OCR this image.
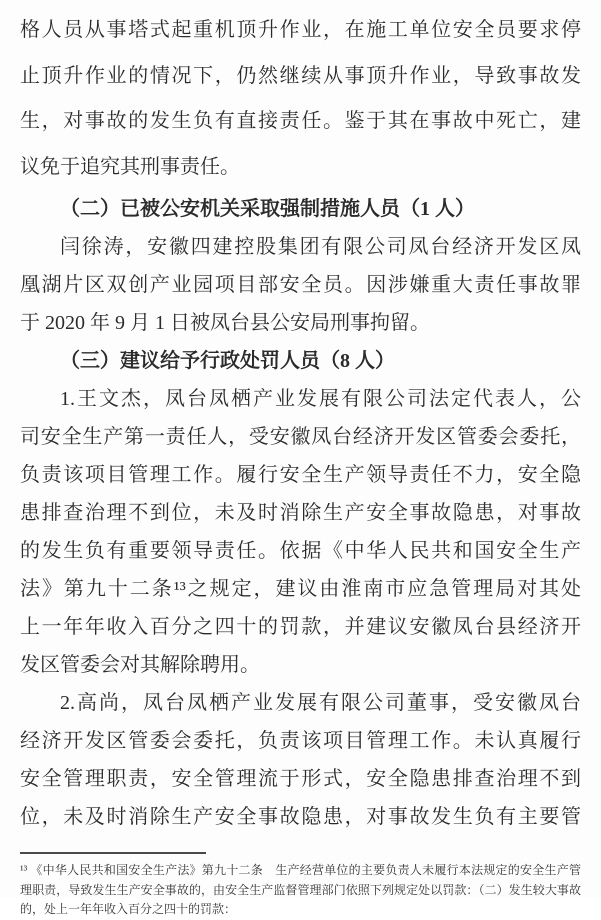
格人员从事塔式起重机顶升作业，在施工单位安全员要求停
止顶升作业的情况下，仍然继续从事顶升作业，导致事故发
生，对事故的发生负有直接责任。鉴于其在事故中死亡，建
议免于追究其刑事责任。
（二）已被公安机关采取强制措施人员（1 人）
闫徐涛，安徽四建控股集团有限公司凤台经济开发区凤
凰湖片区双创产业园项目部安全员。因涉嫌重大责任事故罪
于 2020 年 9 月 1 日被凤台县公安局刑事拘留。
（三）建议给予行政处罚人员（8 人）
1.王文杰，凤台凤栖产业发展有限公司法定代表人，公
司安全生产第一责任人，受安徽凤台经济开发区管委会委托，
负责该项目管理工作。履行安全生产领导责任不力，安全隐
患排查治理不到位，未及时消除生产安全事故隐患，对事故
的发生负有重要领导责任。依据《中华人民共和国安全生产
法》第九十二条¹³之规定，建议由淮南市应急管理局对其处
上一年年收入百分之四十的罚款，并建议安徽凤台县经济开
发区管委会对其解除聘用。
2.高尚，凤台凤栖产业发展有限公司董事，受安徽凤台
经济开发区管委会委托，负责该项目管理工作。未认真履行
安全管理职责，安全管理流于形式，安全隐患排查治理不到
位，未及时消除生产安全事故隐患，对事故发生负有主要管
¹³ 《中华人民共和国安全生产法》第九十二条　生产经营单位的主要负责人未履行本法规定的安全生产管
理职责，导致发生生产安全事故的，由安全生产监督管理部门依照下列规定处以罚款：（二）发生较大事故
的，处上一年年收入百分之四十的罚款：
